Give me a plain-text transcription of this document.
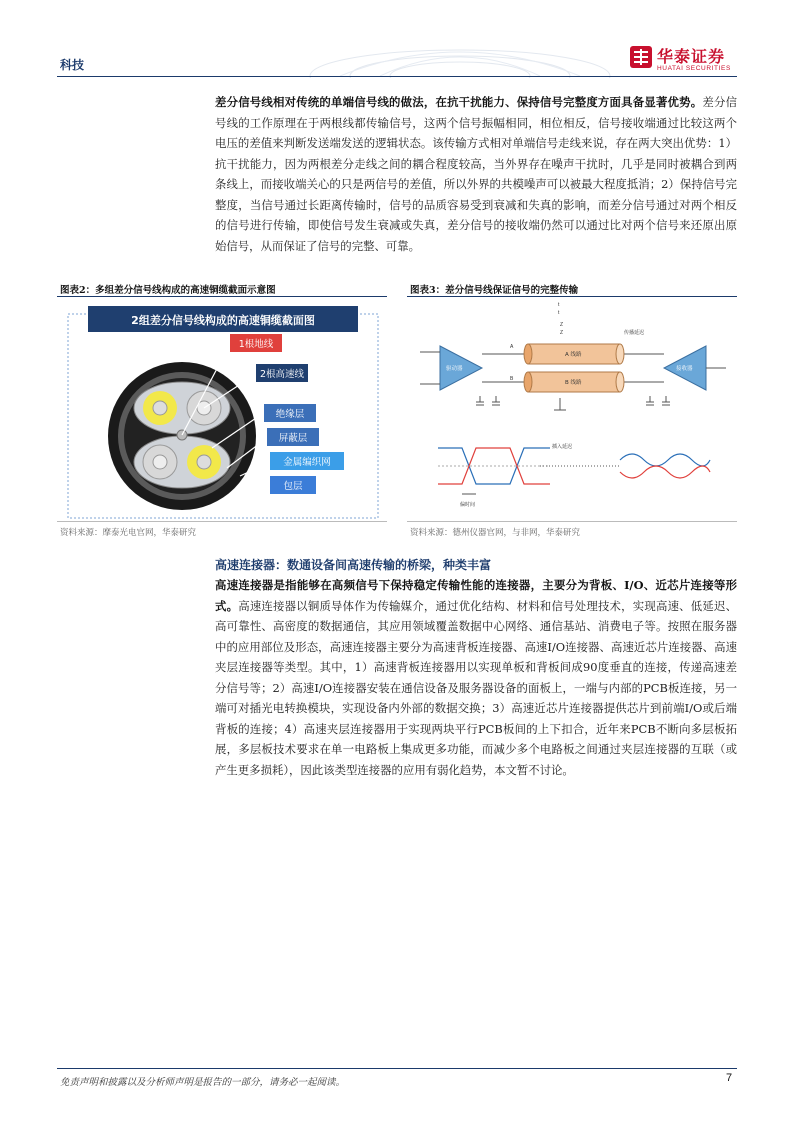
科技	华泰证券
HUATAI SECURITIES
差分信号线相对传统的单端信号线的做法，在抗干扰能力、保持信号完整度方面具备显著优势。差分信号线的工作原理在于两根线都传输信号，这两个信号振幅相同，相位相反，信号接收端通过比较这两个电压的差值来判断发送端发送的逻辑状态。该传输方式相对单端信号走线来说，存在两大突出优势：1）抗干扰能力，因为两根差分走线之间的耦合程度较高，当外界存在噪声干扰时，几乎是同时被耦合到两条线上，而接收端关心的只是两信号的差值，所以外界的共模噪声可以被最大程度抵消；2）保持信号完整度，当信号通过长距离传输时，信号的品质容易受到衰减和失真的影响，而差分信号通过对两个相反的信号进行传输，即使信号发生衰减或失真，差分信号的接收端仍然可以通过比对两个信号来还原出原始信号，从而保证了信号的完整、可靠。
图表2：多组差分信号线构成的高速铜缆截面示意图
2组差分信号线构成的高速铜缆截面图
1根地线
2根高速线
绝缘层
屏蔽层
金属编织网
包层
资料来源：摩泰光电官网，华泰研究
图表3：差分信号线保证信号的完整传输
驱动器	接收器
A 线路
B 线路
传播延迟
A
B
t
t
Z
Z
偏时间
插入延迟
资料来源：德州仪器官网，与非网，华泰研究
高速连接器：数通设备间高速传输的桥梁，种类丰富
高速连接器是指能够在高频信号下保持稳定传输性能的连接器，主要分为背板、I/O、近芯片连接等形式。高速连接器以铜质导体作为传输媒介，通过优化结构、材料和信号处理技术，实现高速、低延迟、高可靠性、高密度的数据通信，其应用领域覆盖数据中心网络、通信基站、消费电子等。按照在服务器中的应用部位及形态，高速连接器主要分为高速背板连接器、高速I/O连接器、高速近芯片连接器、高速夹层连接器等类型。其中，1）高速背板连接器用以实现单板和背板间成90度垂直的连接，传递高速差分信号等；2）高速I/O连接器安装在通信设备及服务器设备的面板上，一端与内部的PCB板连接，另一端可对插光电转换模块，实现设备内外部的数据交换；3）高速近芯片连接器提供芯片到前端I/O或后端背板的连接；4）高速夹层连接器用于实现两块平行PCB板间的上下扣合，近年来PCB不断向多层板拓展，多层板技术要求在单一电路板上集成更多功能，而减少多个电路板之间通过夹层连接器的互联（或产生更多损耗），因此该类型连接器的应用有弱化趋势，本文暂不讨论。
免责声明和披露以及分析师声明是报告的一部分，请务必一起阅读。	7
